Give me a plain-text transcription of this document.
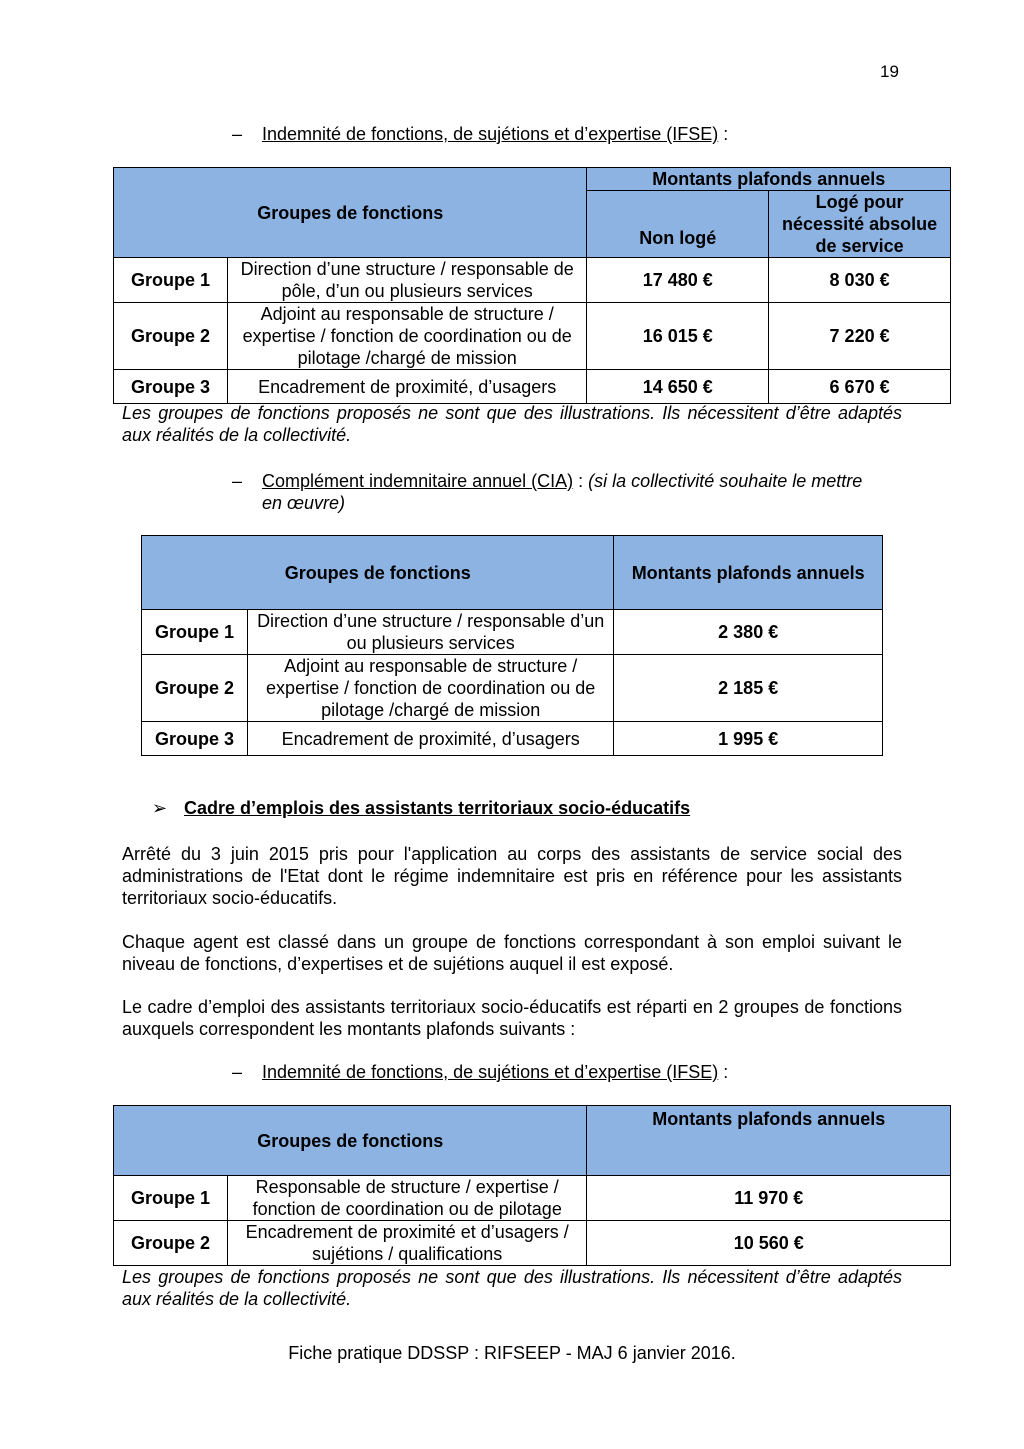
19
– Indemnité de fonctions, de sujétions et d’expertise (IFSE) :
Groupes de fonctions		Montants plafonds annuels	
		Non logé	Logé pour nécessité absolue de service
Groupe 1	Direction d’une structure / responsable de pôle, d’un ou plusieurs services	17 480 €	8 030 €
Groupe 2	Adjoint au responsable de structure / expertise / fonction de coordination ou de pilotage /chargé de mission	16 015 €	7 220 €
Groupe 3	Encadrement de proximité, d’usagers	14 650 €	6 670 €
Les groupes de fonctions proposés ne sont que des illustrations. Ils nécessitent d’être adaptés aux réalités de la collectivité.
– Complément indemnitaire annuel (CIA) : (si la collectivité souhaite le mettre
en œuvre)
Groupes de fonctions		Montants plafonds annuels
Groupe 1	Direction d’une structure / responsable d’un ou plusieurs services	2 380 €
Groupe 2	Adjoint au responsable de structure / expertise / fonction de coordination ou de pilotage /chargé de mission	2 185 €
Groupe 3	Encadrement de proximité, d’usagers	1 995 €
➢ Cadre d’emplois des assistants territoriaux socio-éducatifs
Arrêté du 3 juin 2015 pris pour l'application au corps des assistants de service social des administrations de l'Etat dont le régime indemnitaire est pris en référence pour les assistants territoriaux socio-éducatifs.
Chaque agent est classé dans un groupe de fonctions correspondant à son emploi suivant le niveau de fonctions, d’expertises et de sujétions auquel il est exposé.
Le cadre d’emploi des assistants territoriaux socio-éducatifs est réparti en 2 groupes de fonctions auxquels correspondent les montants plafonds suivants :
– Indemnité de fonctions, de sujétions et d’expertise (IFSE) :
Groupes de fonctions		Montants plafonds annuels
Groupe 1	Responsable de structure / expertise / fonction de coordination ou de pilotage	11 970 €
Groupe 2	Encadrement de proximité et d’usagers / sujétions / qualifications	10 560 €
Les groupes de fonctions proposés ne sont que des illustrations. Ils nécessitent d’être adaptés aux réalités de la collectivité.
Fiche pratique DDSSP : RIFSEEP - MAJ 6 janvier 2016.
